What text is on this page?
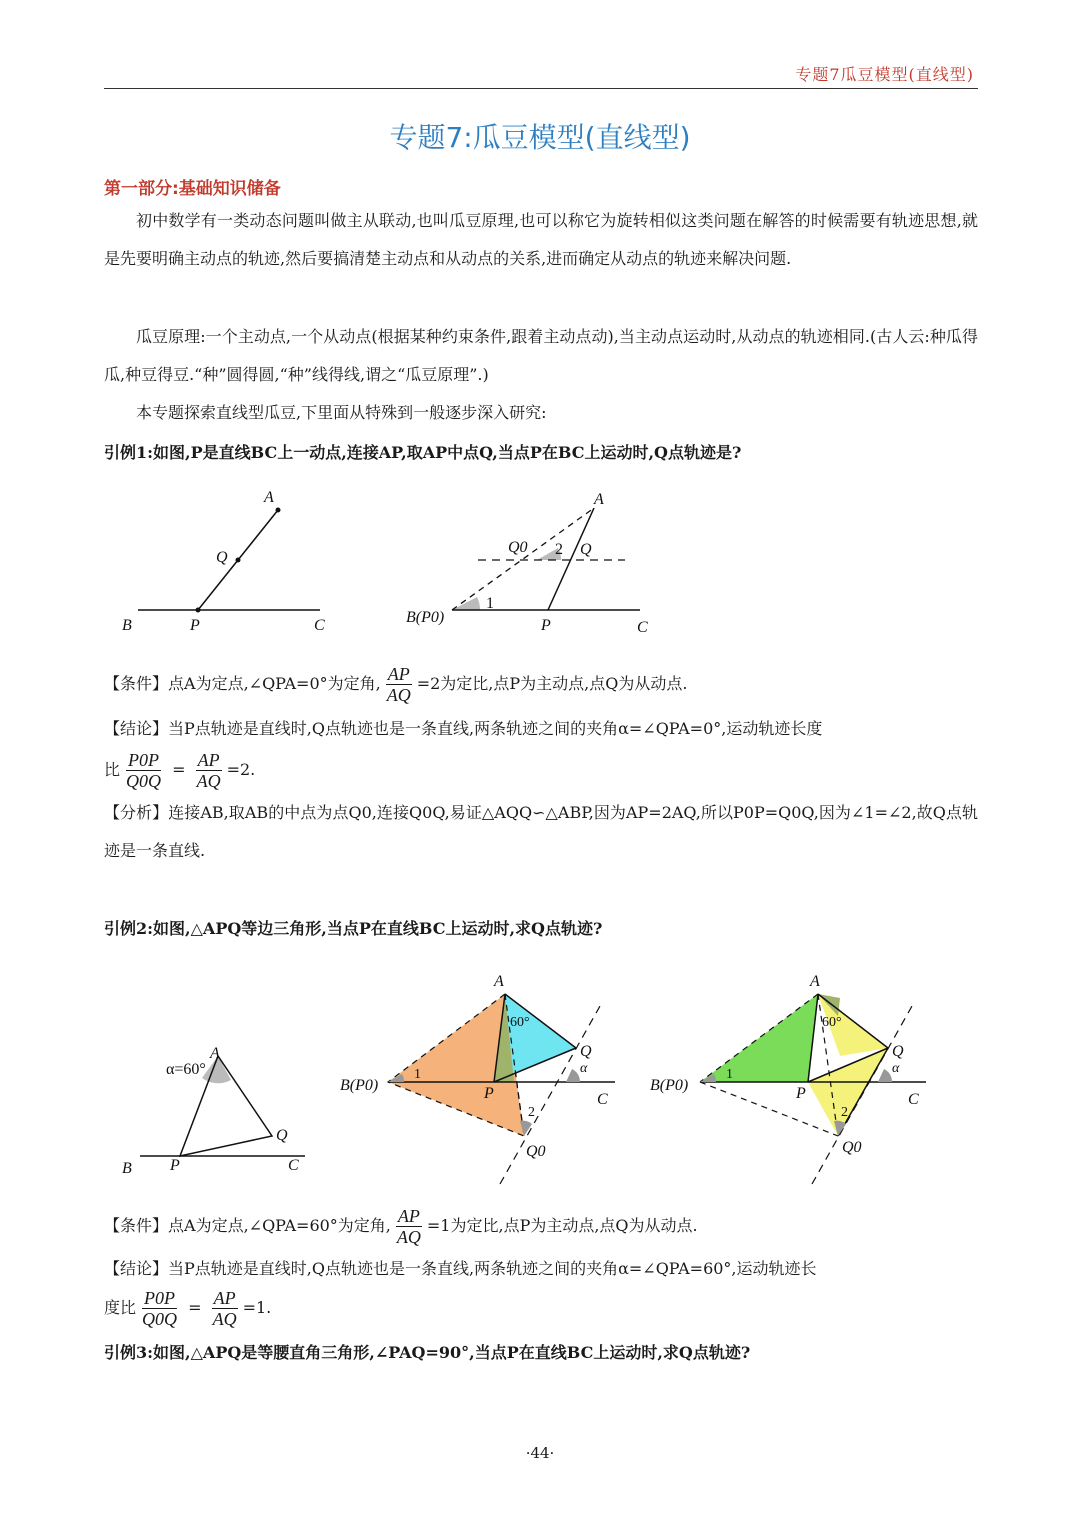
专题7瓜豆模型(直线型)
专题7:瓜豆模型(直线型)
第一部分:基础知识储备
初中数学有一类动态问题叫做主从联动,也叫瓜豆原理,也可以称它为旋转相似这类问题在解答的时候需要有轨迹思想,就是先要明确主动点的轨迹,然后要搞清楚主动点和从动点的关系,进而确定从动点的轨迹来解决问题.
瓜豆原理:一个主动点,一个从动点(根据某种约束条件,跟着主动点动),当主动点运动时,从动点的轨迹相同.(古人云:种瓜得瓜,种豆得豆.“种”圆得圆,“种”线得线,谓之“瓜豆原理”.)
本专题探索直线型瓜豆,下里面从特殊到一般逐步深入研究:
引例1:如图,P是直线BC上一动点,连接AP,取AP中点Q,当点P在BC上运动时,Q点轨迹是?
A
Q
B	P	C
A
Q0 2 Q
B(P0)
1
P	C
【条件】点A为定点,∠QPA=0°为定角, $\frac{AP}{AQ} =2$为定比,点P为主动点,点Q为从动点.
【结论】当P点轨迹是直线时,Q点轨迹也是一条直线,两条轨迹之间的夹角α=∠QPA=0°,运动轨迹长度
比 $\frac{P0P}{Q0Q} = \frac{AP}{AQ} =2$.
【分析】连接AB,取AB的中点为点Q0,连接Q0Q,易证△AQQ∽△ABP,因为AP=2AQ,所以P0P=Q0Q,因为∠1=∠2,故Q点轨迹是一条直线.
引例2:如图,△APQ等边三角形,当点P在直线BC上运动时,求Q点轨迹?
α=60°
A
Q
B P	C
A
60°
Q
α
B(P0)
1
P	C
2
Q0
A
60°
Q
α
B(P0)
1
P	C
2
Q0
【条件】点A为定点,∠QPA=60°为定角, $\frac{AP}{AQ} =1$为定比,点P为主动点,点Q为从动点.
【结论】当P点轨迹是直线时,Q点轨迹也是一条直线,两条轨迹之间的夹角α=∠QPA=60°,运动轨迹长
度比 $\frac{P0P}{Q0Q} = \frac{AP}{AQ} =1$.
引例3:如图,△APQ是等腰直角三角形,∠PAQ=90°,当点P在直线BC上运动时,求Q点轨迹?
·44·
